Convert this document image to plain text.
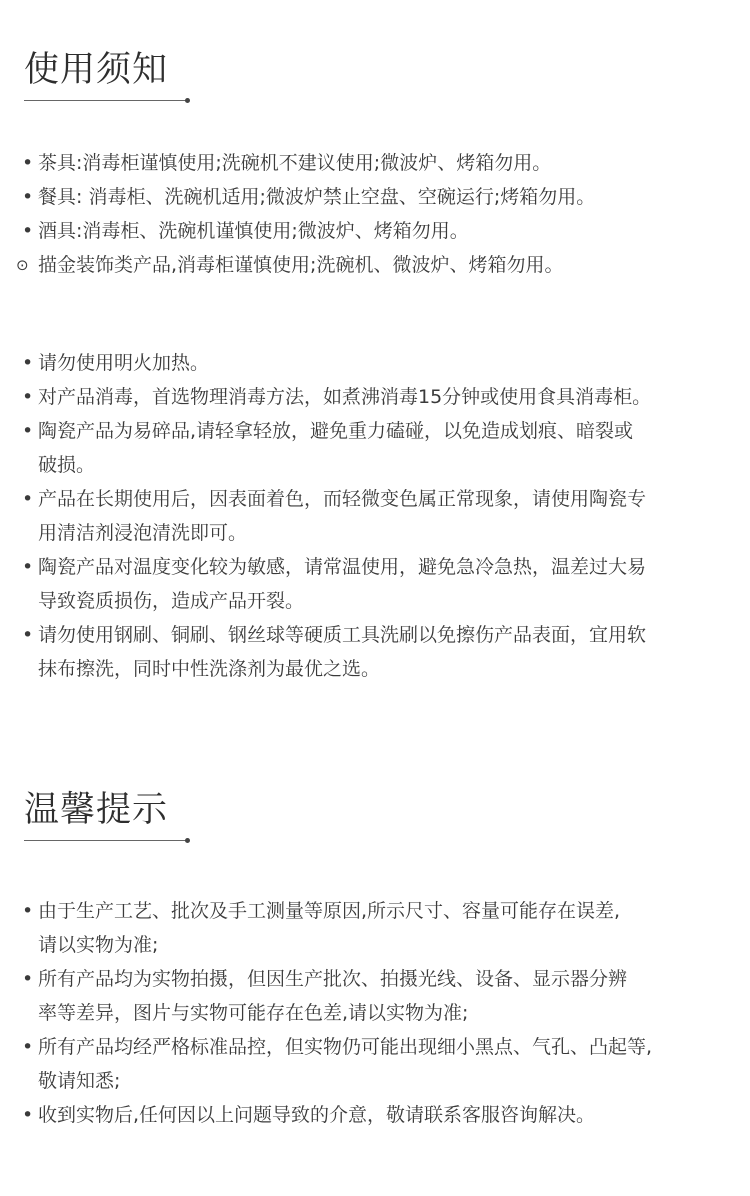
使用须知
• 茶具:消毒柜谨慎使用;洗碗机不建议使用;微波炉、烤箱勿用。
• 餐具: 消毒柜、洗碗机适用;微波炉禁止空盘、空碗运行;烤箱勿用。
• 酒具:消毒柜、洗碗机谨慎使用;微波炉、烤箱勿用。
⊙ 描金装饰类产品,消毒柜谨慎使用;洗碗机、微波炉、烤箱勿用。
• 请勿使用明火加热。
• 对产品消毒，首选物理消毒方法，如煮沸消毒15分钟或使用食具消毒柜。
• 陶瓷产品为易碎品,请轻拿轻放，避免重力磕碰，以免造成划痕、暗裂或
破损。
• 产品在长期使用后，因表面着色，而轻微变色属正常现象，请使用陶瓷专
用清洁剂浸泡清洗即可。
• 陶瓷产品对温度变化较为敏感，请常温使用，避免急冷急热，温差过大易
导致瓷质损伤，造成产品开裂。
• 请勿使用钢刷、铜刷、钢丝球等硬质工具洗刷以免擦伤产品表面，宜用软
抹布擦洗，同时中性洗涤剂为最优之选。
温馨提示
• 由于生产工艺、批次及手工测量等原因,所示尺寸、容量可能存在误差,
请以实物为准;
• 所有产品均为实物拍摄，但因生产批次、拍摄光线、设备、显示器分辨
率等差异，图片与实物可能存在色差,请以实物为准;
• 所有产品均经严格标准品控，但实物仍可能出现细小黑点、气孔、凸起等,
敬请知悉;
• 收到实物后,任何因以上问题导致的介意，敬请联系客服咨询解决。
